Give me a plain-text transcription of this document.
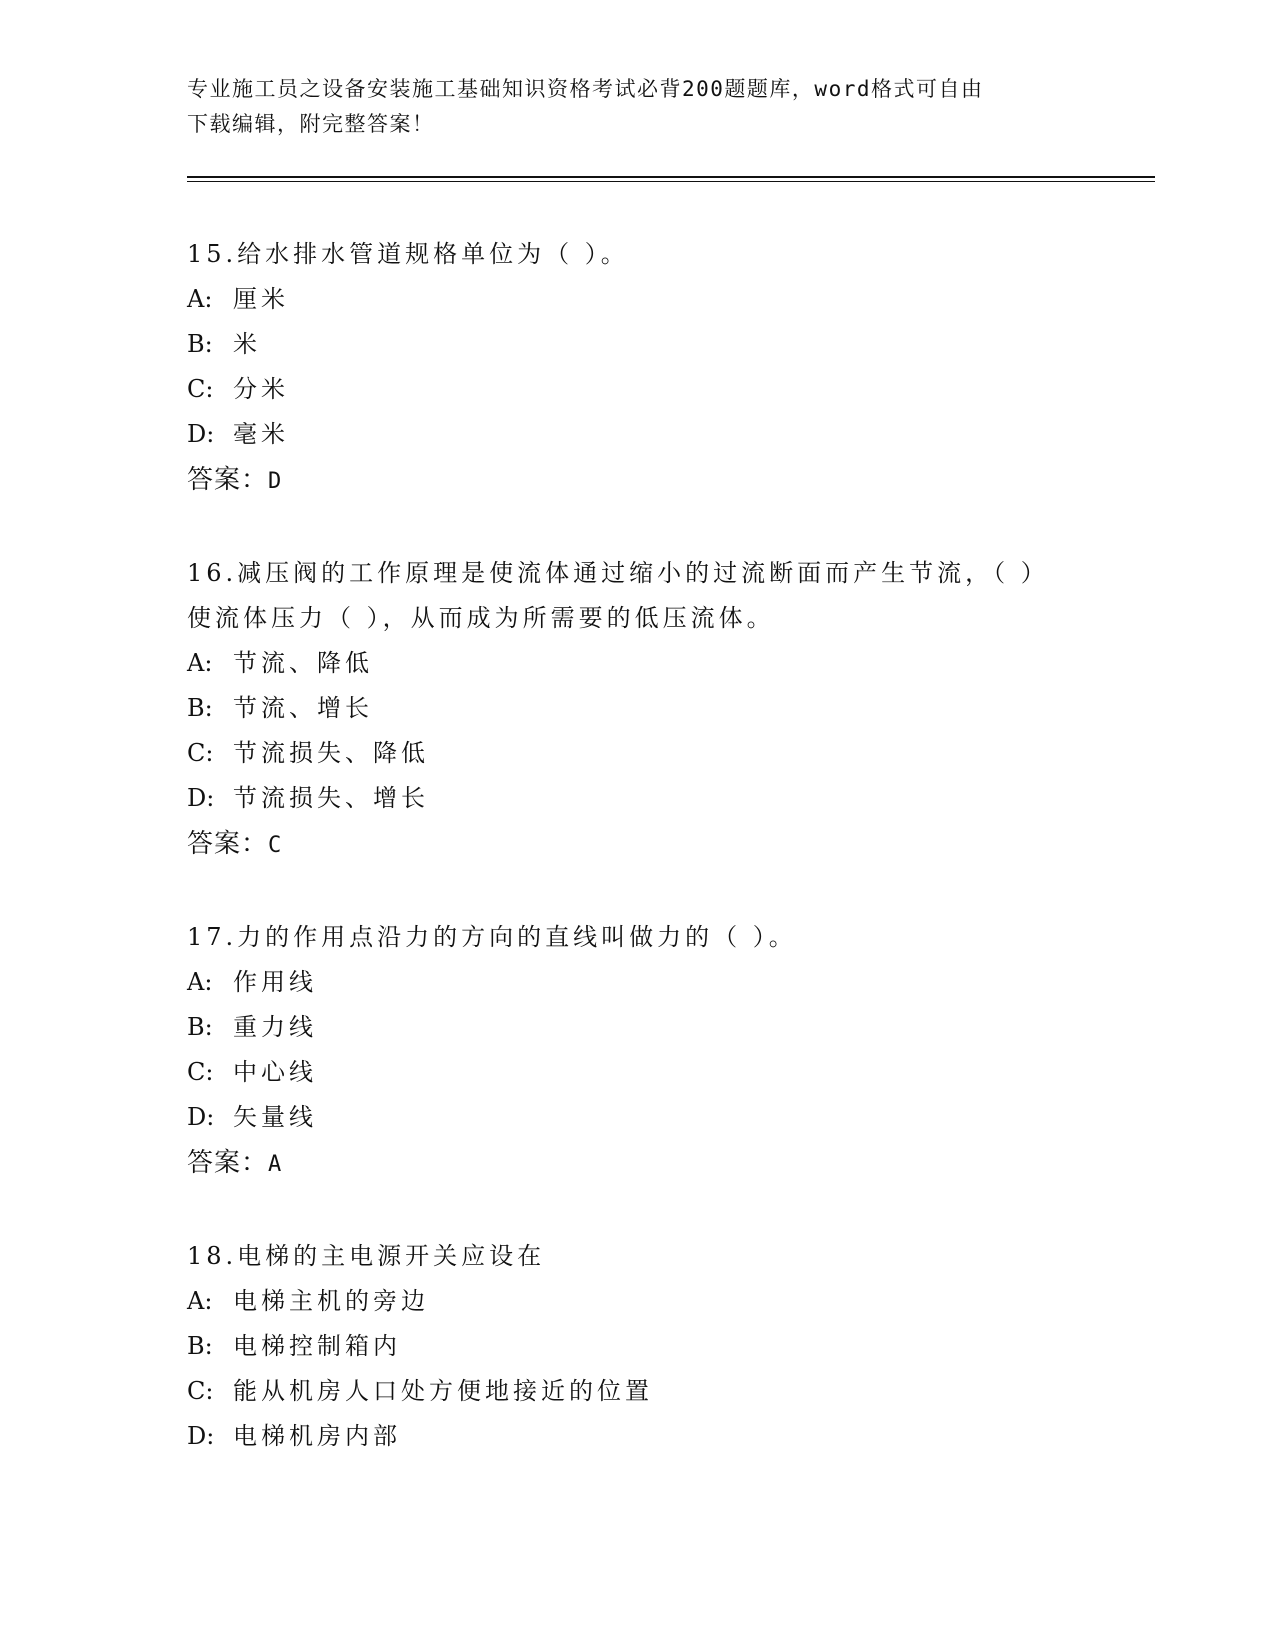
专业施工员之设备安装施工基础知识资格考试必背200题题库，word格式可自由
下载编辑，附完整答案！
15.给水排水管道规格单位为（ ）。
A: 厘米
B: 米
C: 分米
D: 毫米
答案：D
16.减压阀的工作原理是使流体通过缩小的过流断面而产生节流，（ ）使流体压力（ ），从而成为所需要的低压流体。
A: 节流、降低
B: 节流、增长
C: 节流损失、降低
D: 节流损失、增长
答案：C
17.力的作用点沿力的方向的直线叫做力的（ ）。
A: 作用线
B: 重力线
C: 中心线
D: 矢量线
答案：A
18.电梯的主电源开关应设在
A: 电梯主机的旁边
B: 电梯控制箱内
C: 能从机房人口处方便地接近的位置
D: 电梯机房内部
